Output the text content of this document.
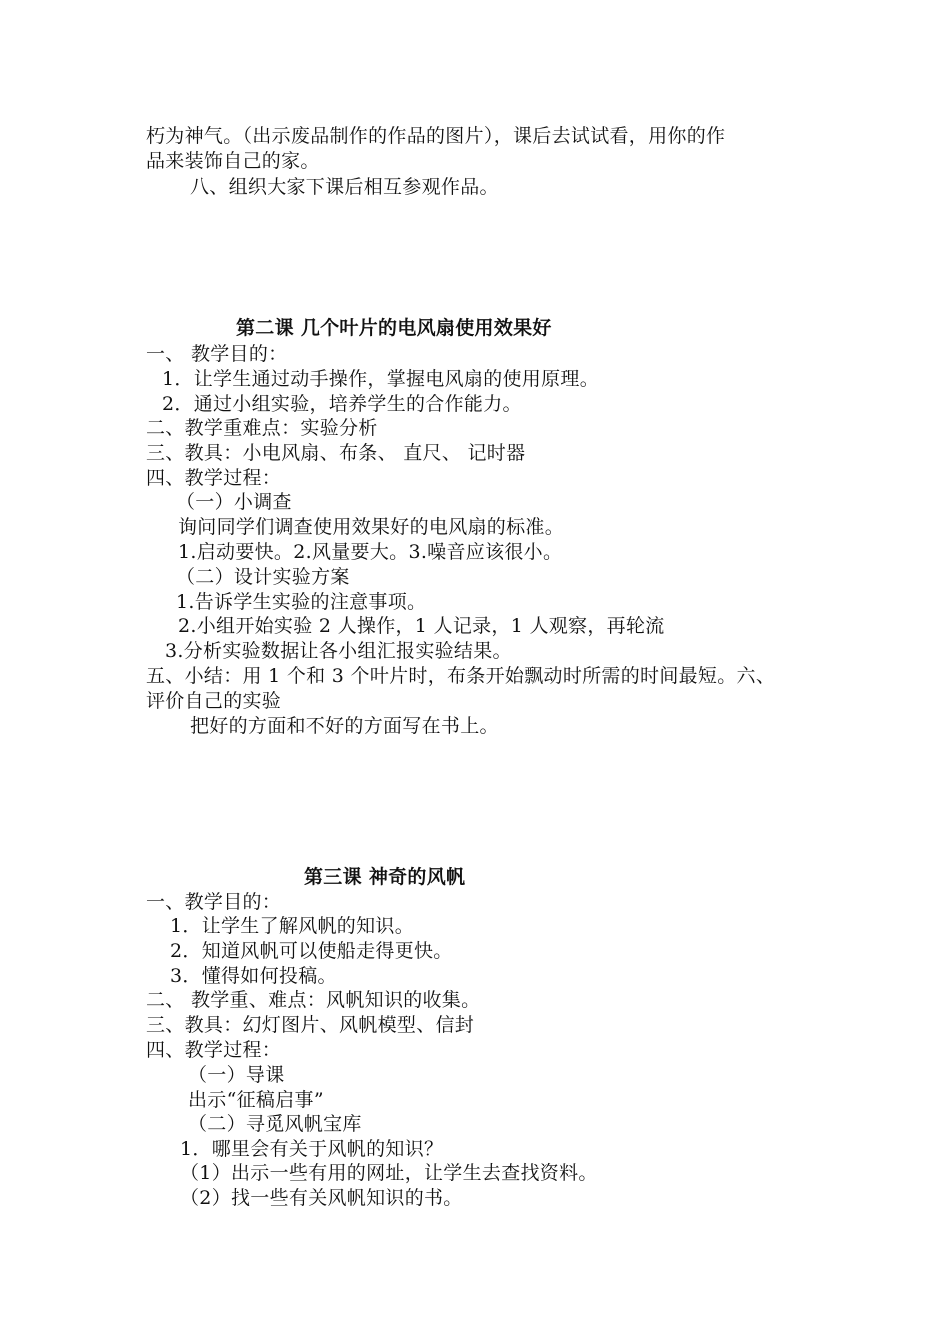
朽为神气。（出示废品制作的作品的图片），课后去试试看，用你的作
品来装饰自己的家。
八、组织大家下课后相互参观作品。
第二课 几个叶片的电风扇使用效果好
一、 教学目的：
1．让学生通过动手操作，掌握电风扇的使用原理。
2．通过小组实验，培养学生的合作能力。
二、教学重难点：实验分析
三、教具：小电风扇、布条、 直尺、 记时器
四、教学过程：
（一）小调查
询问同学们调查使用效果好的电风扇的标准。
1.启动要快。2.风量要大。3.噪音应该很小。
（二）设计实验方案
1.告诉学生实验的注意事项。
2.小组开始实验 2 人操作，1 人记录，1 人观察，再轮流
3.分析实验数据让各小组汇报实验结果。
五、小结：用 1 个和 3 个叶片时，布条开始飘动时所需的时间最短。六、
评价自己的实验
把好的方面和不好的方面写在书上。
第三课 神奇的风帆
一、教学目的：
1．让学生了解风帆的知识。
2．知道风帆可以使船走得更快。
3．懂得如何投稿。
二、 教学重、难点：风帆知识的收集。
三、教具：幻灯图片、风帆模型、信封
四、教学过程：
（一）导课
出示“征稿启事”
（二）寻觅风帆宝库
1．哪里会有关于风帆的知识？
（1）出示一些有用的网址，让学生去查找资料。
（2）找一些有关风帆知识的书。
